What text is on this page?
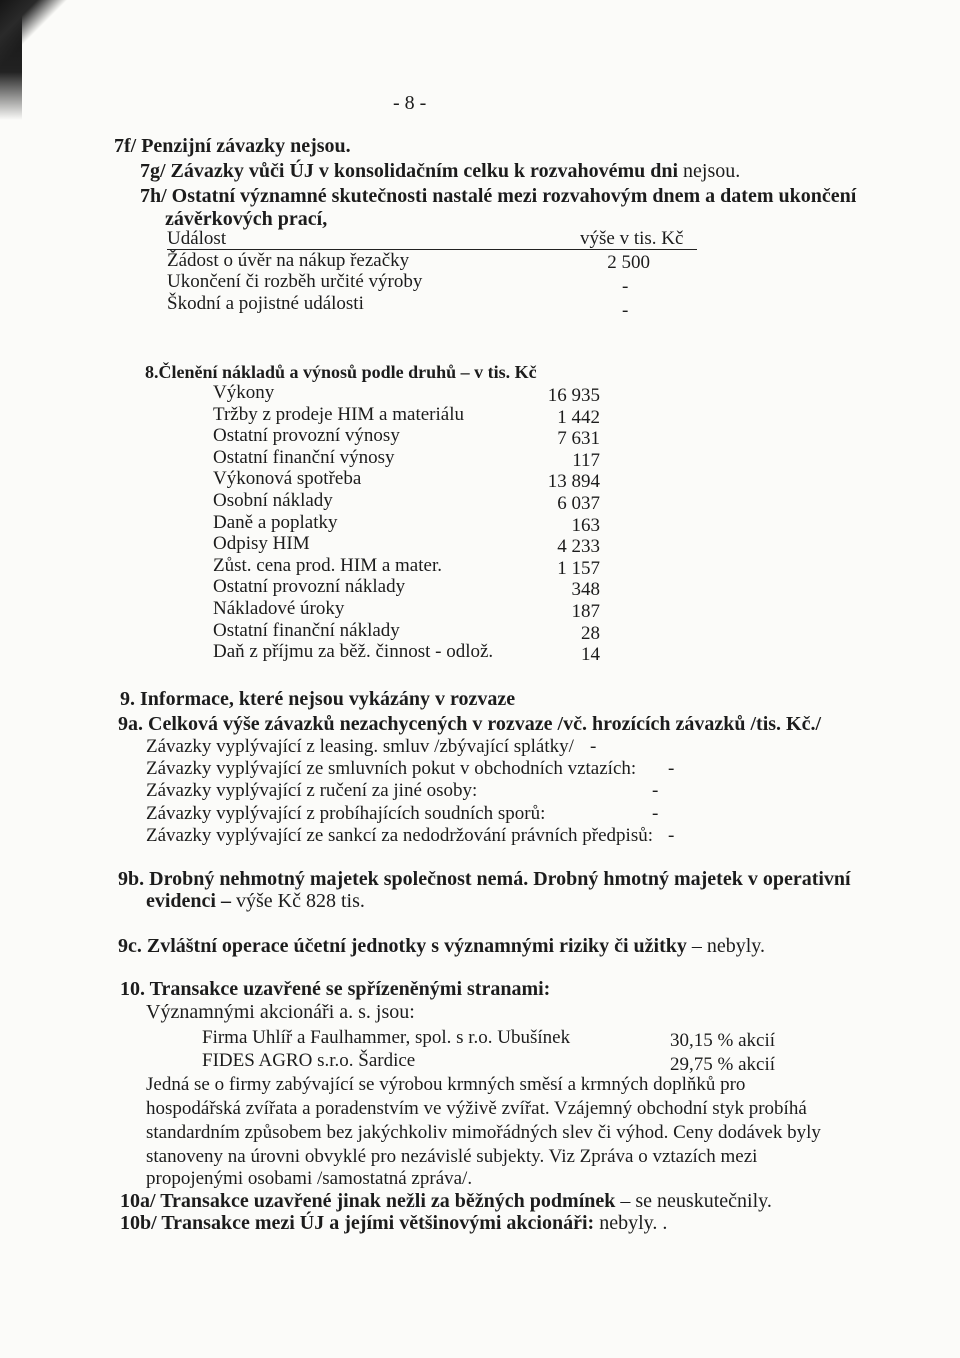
- 8 -
7f/ Penzijní závazky nejsou.
7g/ Závazky vůči ÚJ v konsolidačním celku k rozvahovému dni nejsou.
7h/ Ostatní významné skutečnosti nastalé mezi rozvahovým dnem a datem ukončení
závěrkových prací,
Událost	výše v tis. Kč
Žádost o úvěr na nákup řezačky	2 500
Ukončení či rozběh určité výroby	-
Škodní a pojistné události	-
8.Členění nákladů a výnosů podle druhů – v tis. Kč
Výkony	16 935
Tržby z prodeje HIM a materiálu	1 442
Ostatní provozní výnosy	7 631
Ostatní finanční výnosy	117
Výkonová spotřeba	13 894
Osobní náklady	6 037
Daně a poplatky	163
Odpisy HIM	4 233
Zůst. cena prod. HIM a mater.	1 157
Ostatní provozní náklady	348
Nákladové úroky	187
Ostatní finanční náklady	28
Daň z příjmu za běž. činnost - odlož.	14
9. Informace, které nejsou vykázány v rozvaze
9a. Celková výše závazků nezachycených v rozvaze /vč. hrozících závazků /tis. Kč./
Závazky vyplývající z leasing. smluv /zbývající splátky/ -
Závazky vyplývající ze smluvních pokut v obchodních vztazích: -
Závazky vyplývající z ručení za jiné osoby:	-
Závazky vyplývající z probíhajících soudních sporů:	-
Závazky vyplývající ze sankcí za nedodržování právních předpisů: -
9b. Drobný nehmotný majetek společnost nemá. Drobný hmotný majetek v operativní
evidenci – výše Kč 828 tis.
9c. Zvláštní operace účetní jednotky s významnými riziky či užitky – nebyly.
10. Transakce uzavřené se spřízeněnými stranami:
Významnými akcionáři a. s. jsou:
Firma Uhlíř a Faulhammer, spol. s r.o. Ubušínek	30,15 % akcií
FIDES AGRO s.r.o. Šardice	29,75 % akcií
Jedná se o firmy zabývající se výrobou krmných směsí a krmných doplňků pro
hospodářská zvířata a poradenstvím ve výživě zvířat. Vzájemný obchodní styk probíhá
standardním způsobem bez jakýchkoliv mimořádných slev či výhod. Ceny dodávek byly
stanoveny na úrovni obvyklé pro nezávislé subjekty. Viz Zpráva o vztazích mezi
propojenými osobami /samostatná zpráva/.
10a/ Transakce uzavřené jinak nežli za běžných podmínek – se neuskutečnily.
10b/ Transakce mezi ÚJ a jejími většinovými akcionáři: nebyly. .
